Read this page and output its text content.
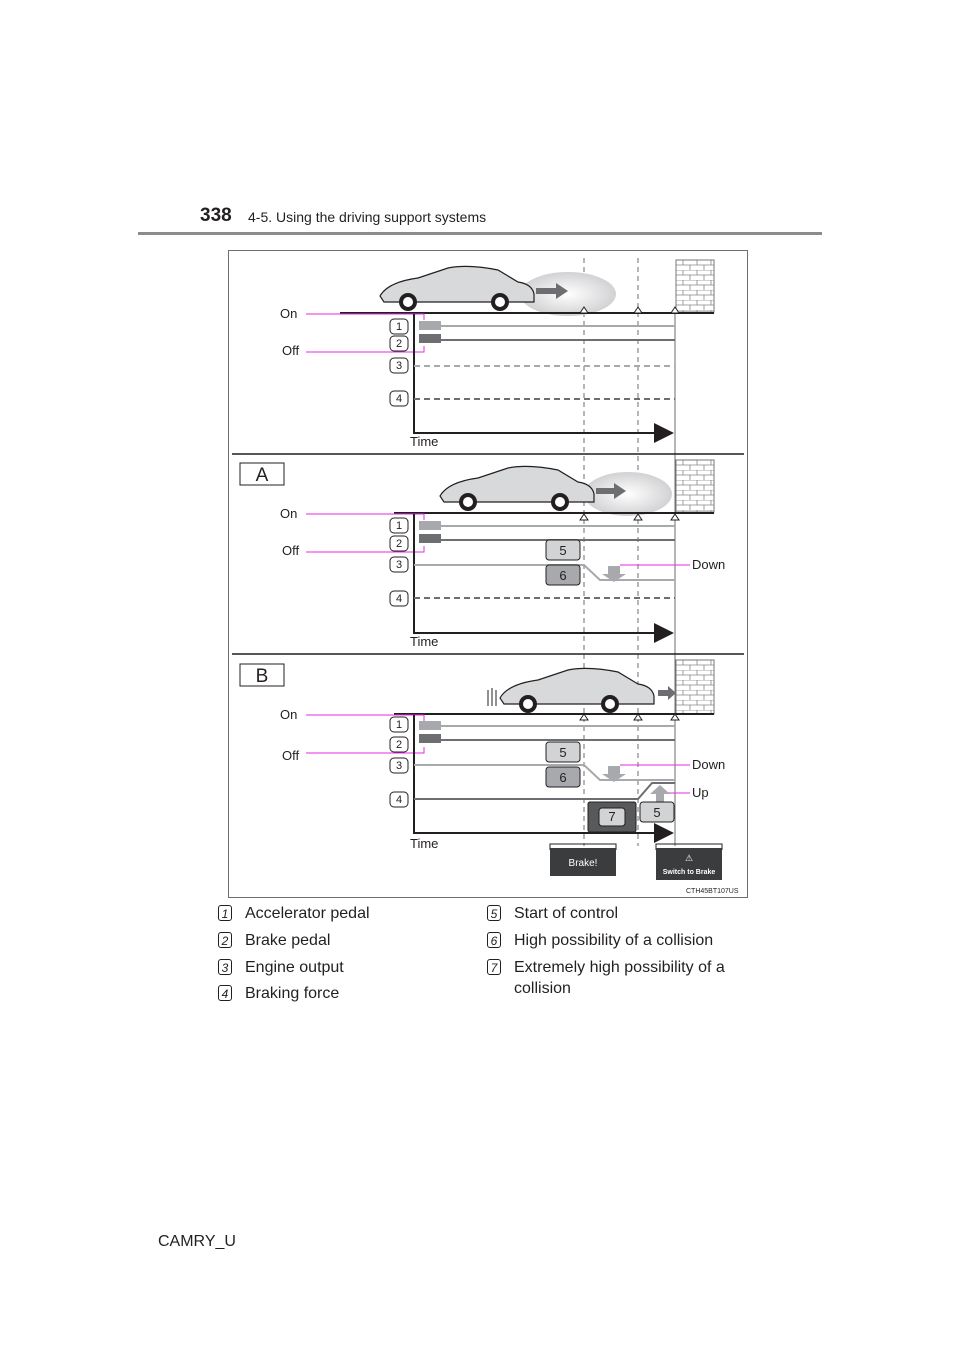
338 4-5. Using the driving support systems
On
Off
Time
1
2
3
4
A
On
Off
Down
Time
1
2
3
4
5
6
B
On
Off
Down
Up
Time
1
2
3
4
5
6
7	5
Brake!	⚠
Switch to Brake
CTH45BT107US
1 Accelerator pedal
2 Brake pedal
3 Engine output
4 Braking force
5 Start of control
6 High possibility of a collision
7 Extremely high possibility of a
collision
CAMRY_U
